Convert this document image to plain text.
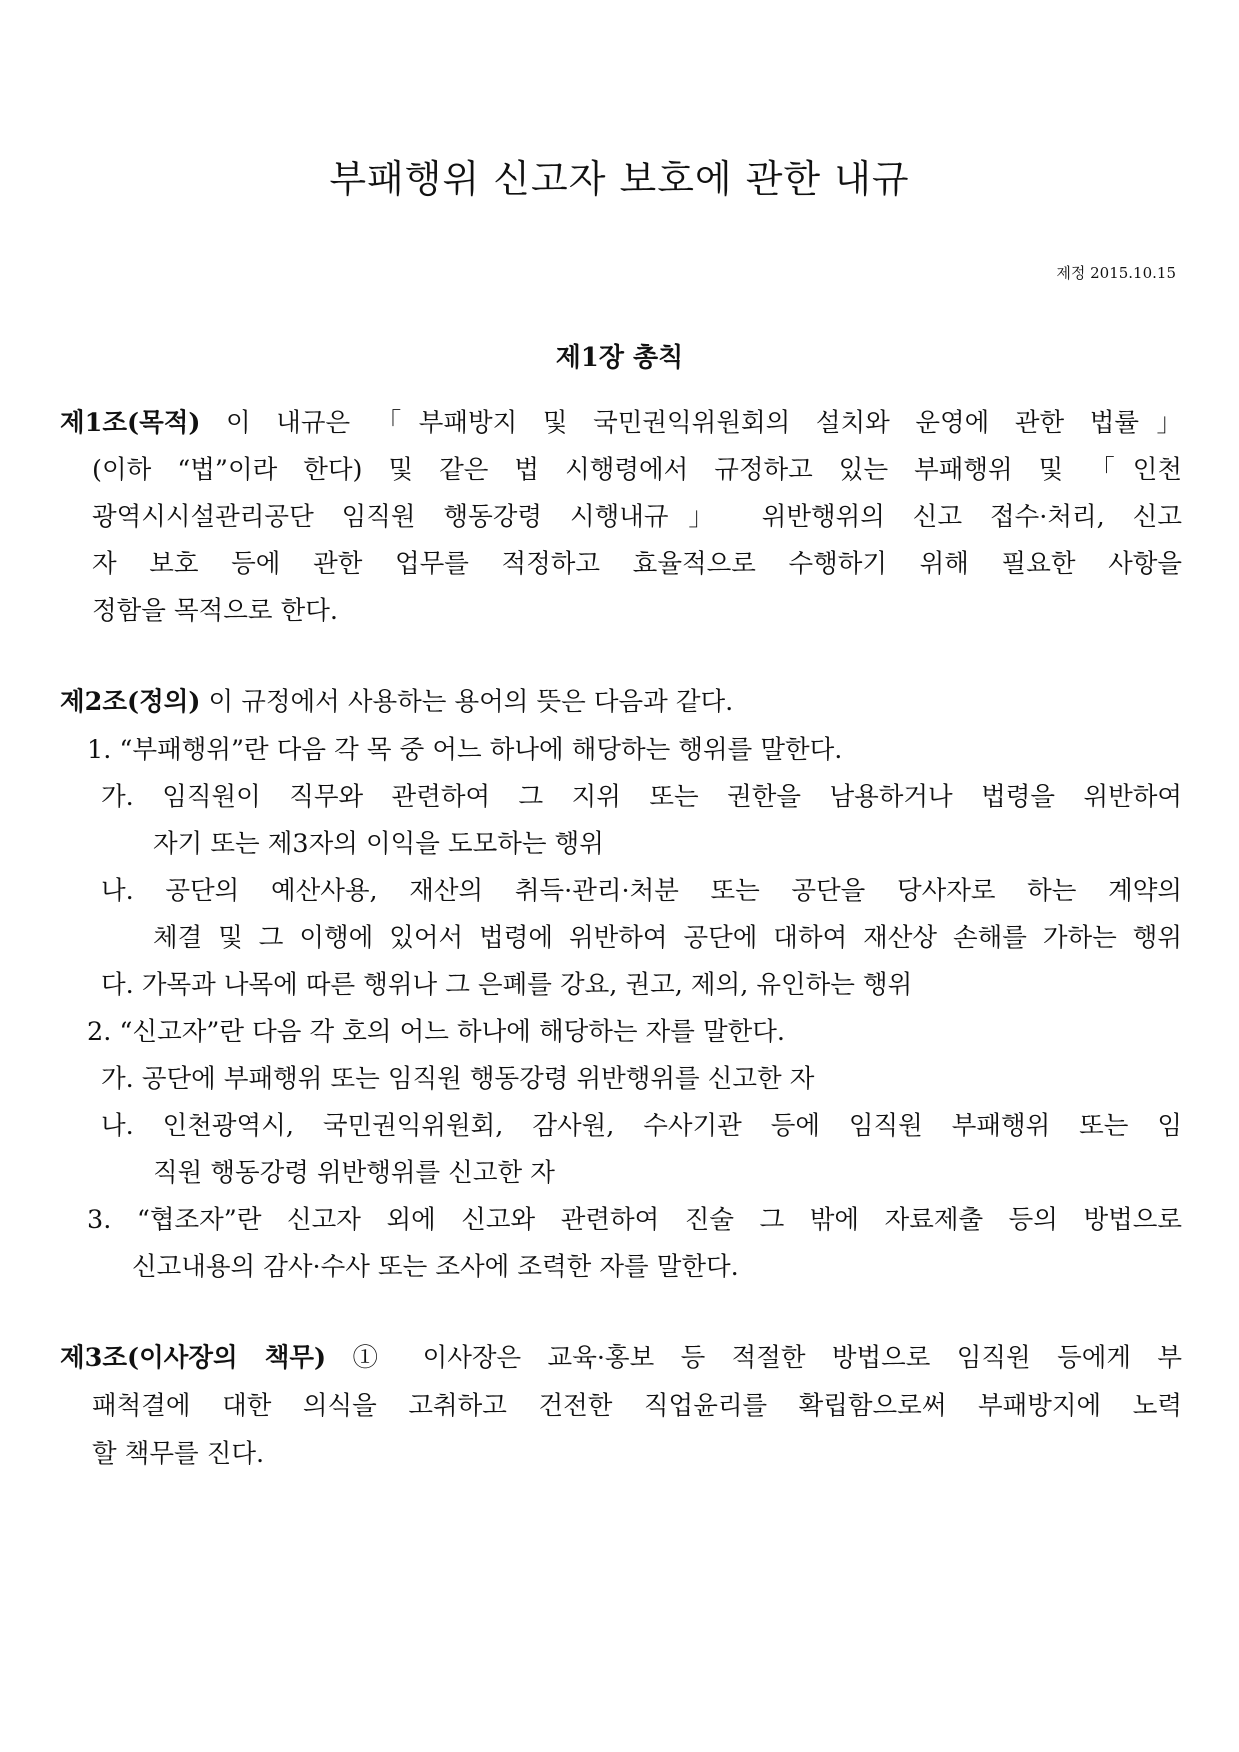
부패행위 신고자 보호에 관한 내규
제정 2015.10.15
제1장 총칙
제1조(목적) 이 내규은 「부패방지 및 국민권익위원회의 설치와 운영에 관한 법률」
(이하 “법”이라 한다) 및 같은 법 시행령에서 규정하고 있는 부패행위 및 「인천
광역시시설관리공단 임직원 행동강령 시행내규」 위반행위의 신고 접수·처리, 신고
자 보호 등에 관한 업무를 적정하고 효율적으로 수행하기 위해 필요한 사항을
정함을 목적으로 한다.
제2조(정의) 이 규정에서 사용하는 용어의 뜻은 다음과 같다.
1. “부패행위”란 다음 각 목 중 어느 하나에 해당하는 행위를 말한다.
가. 임직원이 직무와 관련하여 그 지위 또는 권한을 남용하거나 법령을 위반하여
자기 또는 제3자의 이익을 도모하는 행위
나. 공단의 예산사용, 재산의 취득·관리·처분 또는 공단을 당사자로 하는 계약의
체결 및 그 이행에 있어서 법령에 위반하여 공단에 대하여 재산상 손해를 가하는 행위
다. 가목과 나목에 따른 행위나 그 은폐를 강요, 권고, 제의, 유인하는 행위
2. “신고자”란 다음 각 호의 어느 하나에 해당하는 자를 말한다.
가. 공단에 부패행위 또는 임직원 행동강령 위반행위를 신고한 자
나. 인천광역시, 국민권익위원회, 감사원, 수사기관 등에 임직원 부패행위 또는 임
직원 행동강령 위반행위를 신고한 자
3. “협조자”란 신고자 외에 신고와 관련하여 진술 그 밖에 자료제출 등의 방법으로
신고내용의 감사·수사 또는 조사에 조력한 자를 말한다.
제3조(이사장의 책무) ① 이사장은 교육·홍보 등 적절한 방법으로 임직원 등에게 부
패척결에 대한 의식을 고취하고 건전한 직업윤리를 확립함으로써 부패방지에 노력
할 책무를 진다.
